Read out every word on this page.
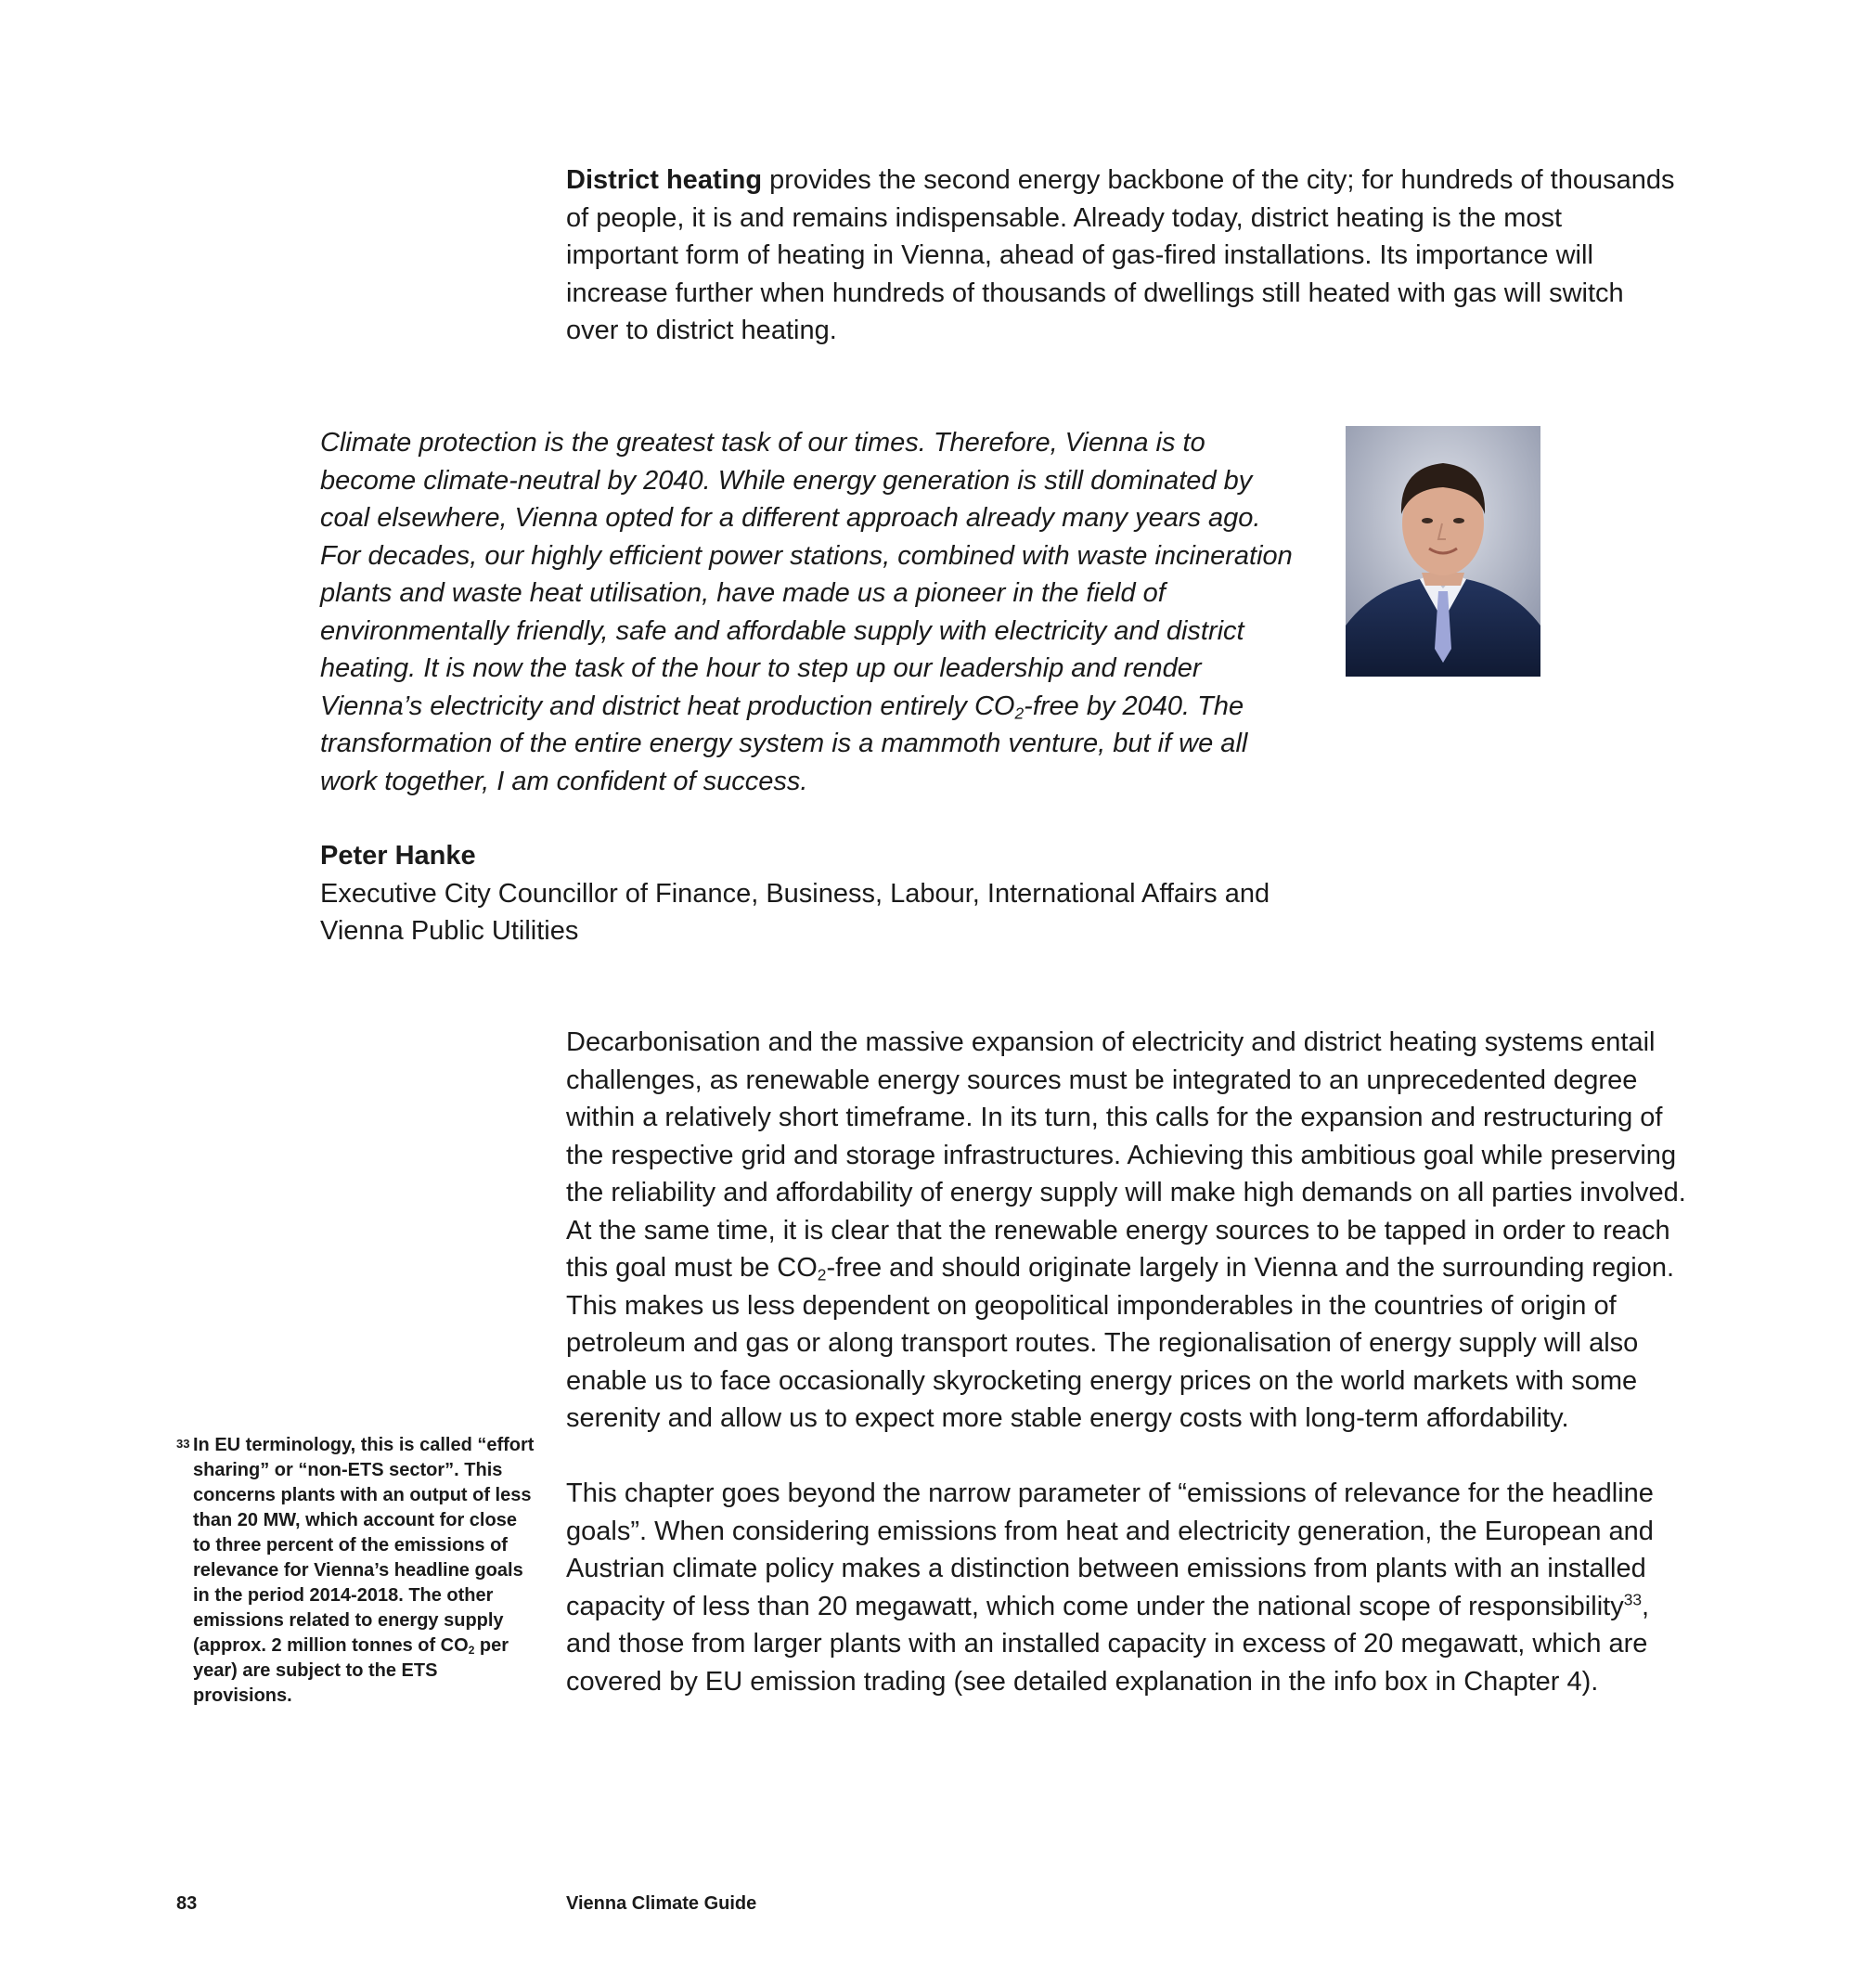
District heating provides the second energy backbone of the city; for hundreds of thousands of people, it is and remains indispensable. Already today, district heating is the most important form of heating in Vienna, ahead of gas-fired installations. Its importance will increase further when hundreds of thousands of dwellings still heated with gas will switch over to district heating.

Climate protection is the greatest task of our times. Therefore, Vienna is to become climate-neutral by 2040. While energy generation is still dominated by coal elsewhere, Vienna opted for a different approach already many years ago. For decades, our highly efficient power stations, combined with waste incineration plants and waste heat utilisation, have made us a pioneer in the field of environmentally friendly, safe and affordable supply with electricity and district heating. It is now the task of the hour to step up our leadership and render Vienna’s electricity and district heat production entirely $CO_2$-free by 2040. The transformation of the entire energy system is a mammoth venture, but if we all work together, I am confident of success.

Peter Hanke
Executive City Councillor of Finance, Business, Labour, International Affairs and Vienna Public Utilities

Decarbonisation and the massive expansion of electricity and district heating systems entail challenges, as renewable energy sources must be integrated to an unprecedented degree within a relatively short timeframe. In its turn, this calls for the expansion and restructuring of the respective grid and storage infrastructures. Achieving this ambitious goal while preserving the reliability and affordability of energy supply will make high demands on all parties involved. At the same time, it is clear that the renewable energy sources to be tapped in order to reach this goal must be $CO_2$-free and should originate largely in Vienna and the surrounding region. This makes us less dependent on geopolitical imponderables in the countries of origin of petroleum and gas or along transport routes. The regionalisation of energy supply will also enable us to face occasionally skyrocketing energy prices on the world markets with some serenity and allow us to expect more stable energy costs with long-term affordability.

This chapter goes beyond the narrow parameter of “emissions of relevance for the headline goals”. When considering emissions from heat and electricity generation, the European and Austrian climate policy makes a distinction between emissions from plants with an installed capacity of less than 20 megawatt, which come under the national scope of responsibility$^{33}$, and those from larger plants with an installed capacity in excess of 20 megawatt, which are covered by EU emission trading (see detailed explanation in the info box in Chapter 4).

33 In EU terminology, this is called “effort sharing” or “non-ETS sector”. This concerns plants with an output of less than 20 MW, which account for close to three percent of the emissions of relevance for Vienna’s headline goals in the period 2014-2018. The other emissions related to energy supply (approx. 2 million tonnes of $CO_2$ per year) are subject to the ETS provisions.
83	Vienna Climate Guide
